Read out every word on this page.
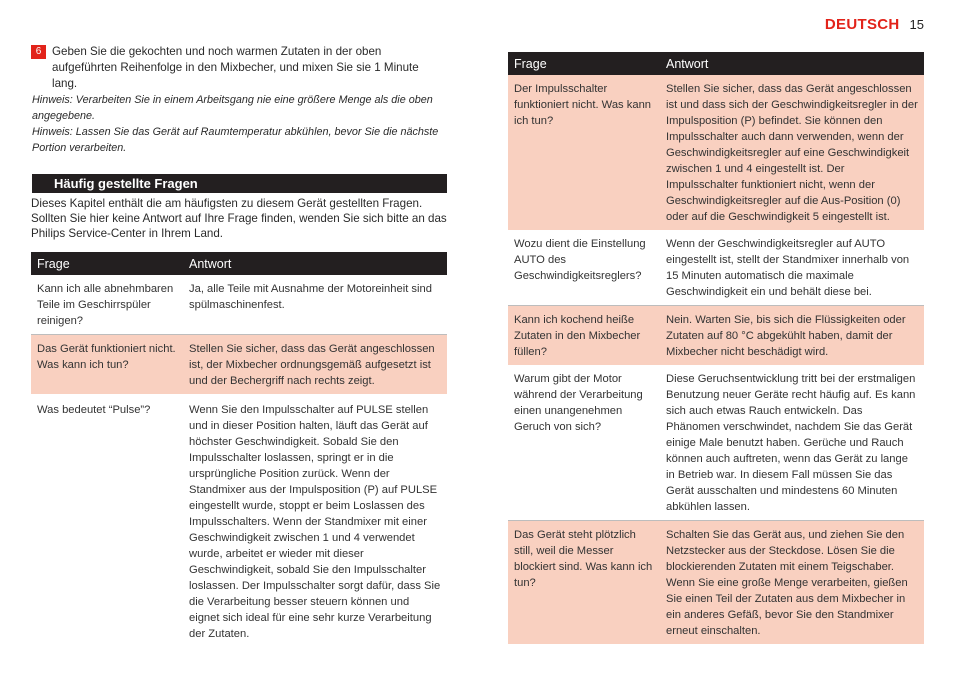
DEUTSCH 15
6 Geben Sie die gekochten und noch warmen Zutaten in der oben aufgeführten Reihenfolge in den Mixbecher, und mixen Sie sie 1 Minute lang.
Hinweis: Verarbeiten Sie in einem Arbeitsgang nie eine größere Menge als die oben angegebene.
Hinweis: Lassen Sie das Gerät auf Raumtemperatur abkühlen, bevor Sie die nächste Portion verarbeiten.
Häufig gestellte Fragen
Dieses Kapitel enthält die am häufigsten zu diesem Gerät gestellten Fragen. Sollten Sie hier keine Antwort auf Ihre Frage finden, wenden Sie sich bitte an das Philips Service-Center in Ihrem Land.
Frage	Antwort
Kann ich alle abnehmbaren Teile im Geschirrspüler reinigen?	Ja, alle Teile mit Ausnahme der Motoreinheit sind spülmaschinenfest.
Das Gerät funktioniert nicht. Was kann ich tun?	Stellen Sie sicher, dass das Gerät angeschlossen ist, der Mixbecher ordnungsgemäß aufgesetzt ist und der Bechergriff nach rechts zeigt.
Was bedeutet “Pulse”?	Wenn Sie den Impulsschalter auf PULSE stellen und in dieser Position halten, läuft das Gerät auf höchster Geschwindigkeit. Sobald Sie den Impulsschalter loslassen, springt er in die ursprüngliche Position zurück. Wenn der Standmixer aus der Impulsposition (P) auf PULSE eingestellt wurde, stoppt er beim Loslassen des Impulsschalters. Wenn der Standmixer mit einer Geschwindigkeit zwischen 1 und 4 verwendet wurde, arbeitet er wieder mit dieser Geschwindigkeit, sobald Sie den Impulsschalter loslassen. Der Impulsschalter sorgt dafür, dass Sie die Verarbeitung besser steuern können und eignet sich ideal für eine sehr kurze Verarbeitung der Zutaten.
Frage	Antwort
Der Impulsschalter funktioniert nicht. Was kann ich tun?	Stellen Sie sicher, dass das Gerät angeschlossen ist und dass sich der Geschwindigkeitsregler in der Impulsposition (P) befindet. Sie können den Impulsschalter auch dann verwenden, wenn der Geschwindigkeitsregler auf eine Geschwindigkeit zwischen 1 und 4 eingestellt ist. Der Impulsschalter funktioniert nicht, wenn der Geschwindigkeitsregler auf die Aus-Position (0) oder auf die Geschwindigkeit 5 eingestellt ist.
Wozu dient die Einstellung AUTO des Geschwindigkeitsreglers?	Wenn der Geschwindigkeitsregler auf AUTO eingestellt ist, stellt der Standmixer innerhalb von 15 Minuten automatisch die maximale Geschwindigkeit ein und behält diese bei.
Kann ich kochend heiße Zutaten in den Mixbecher füllen?	Nein. Warten Sie, bis sich die Flüssigkeiten oder Zutaten auf 80 °C abgekühlt haben, damit der Mixbecher nicht beschädigt wird.
Warum gibt der Motor während der Verarbeitung einen unangenehmen Geruch von sich?	Diese Geruchsentwicklung tritt bei der erstmaligen Benutzung neuer Geräte recht häufig auf. Es kann sich auch etwas Rauch entwickeln. Das Phänomen verschwindet, nachdem Sie das Gerät einige Male benutzt haben. Gerüche und Rauch können auch auftreten, wenn das Gerät zu lange in Betrieb war. In diesem Fall müssen Sie das Gerät ausschalten und mindestens 60 Minuten abkühlen lassen.
Das Gerät steht plötzlich still, weil die Messer blockiert sind. Was kann ich tun?	Schalten Sie das Gerät aus, und ziehen Sie den Netzstecker aus der Steckdose. Lösen Sie die blockierenden Zutaten mit einem Teigschaber. Wenn Sie eine große Menge verarbeiten, gießen Sie einen Teil der Zutaten aus dem Mixbecher in ein anderes Gefäß, bevor Sie den Standmixer erneut einschalten.
